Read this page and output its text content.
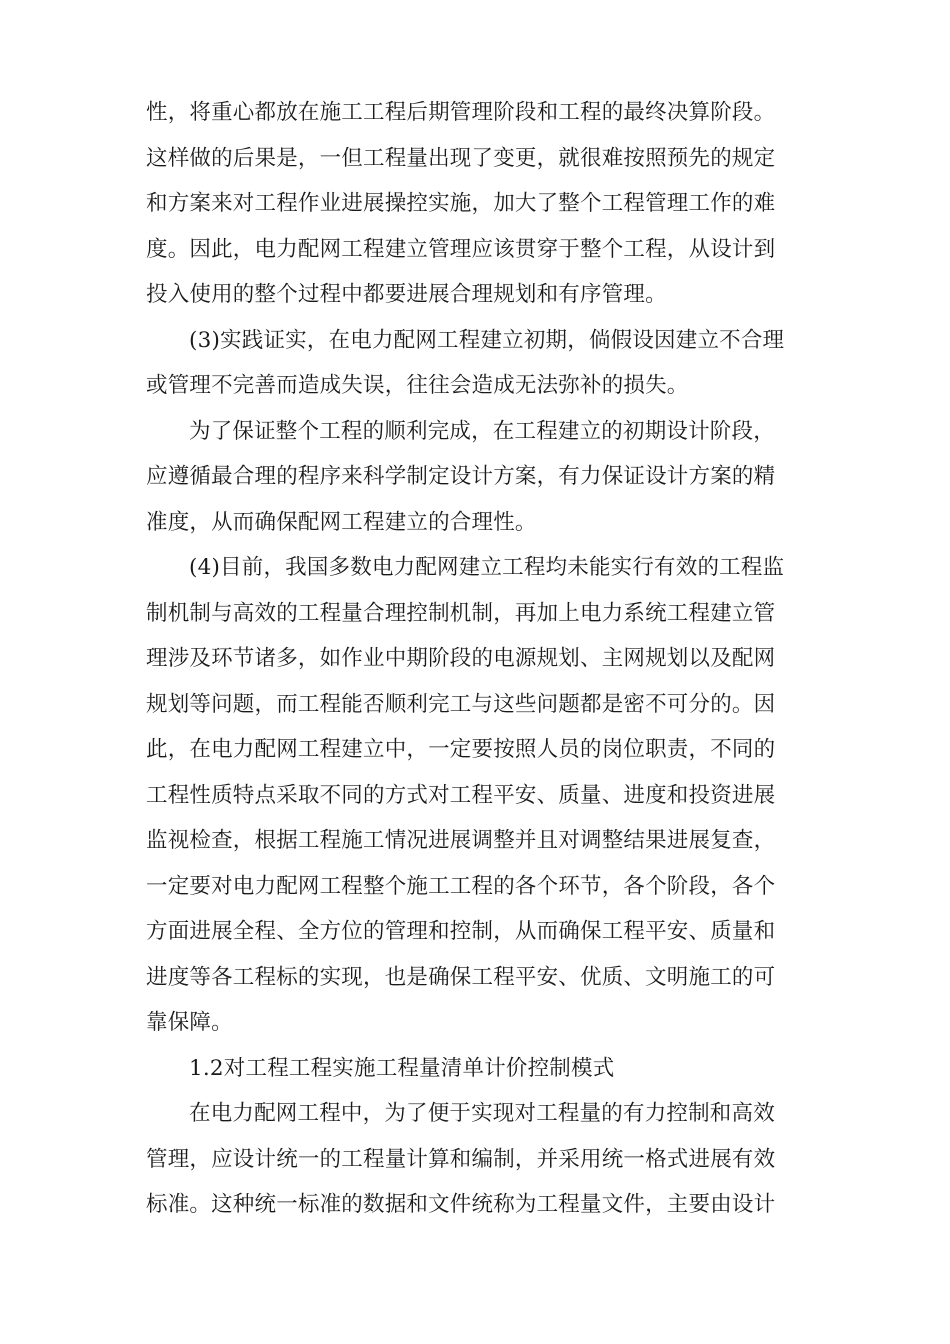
性，将重心都放在施工工程后期管理阶段和工程的最终决算阶段。
这样做的后果是，一但工程量出现了变更，就很难按照预先的规定
和方案来对工程作业进展操控实施，加大了整个工程管理工作的难
度。因此，电力配网工程建立管理应该贯穿于整个工程，从设计到
投入使用的整个过程中都要进展合理规划和有序管理。
(3)实践证实，在电力配网工程建立初期，倘假设因建立不合理
或管理不完善而造成失误，往往会造成无法弥补的损失。
为了保证整个工程的顺利完成，在工程建立的初期设计阶段，
应遵循最合理的程序来科学制定设计方案，有力保证设计方案的精
准度，从而确保配网工程建立的合理性。
(4)目前，我国多数电力配网建立工程均未能实行有效的工程监
制机制与高效的工程量合理控制机制，再加上电力系统工程建立管
理涉及环节诸多，如作业中期阶段的电源规划、主网规划以及配网
规划等问题，而工程能否顺利完工与这些问题都是密不可分的。因
此，在电力配网工程建立中，一定要按照人员的岗位职责，不同的
工程性质特点采取不同的方式对工程平安、质量、进度和投资进展
监视检查，根据工程施工情况进展调整并且对调整结果进展复查，
一定要对电力配网工程整个施工工程的各个环节，各个阶段，各个
方面进展全程、全方位的管理和控制，从而确保工程平安、质量和
进度等各工程标的实现，也是确保工程平安、优质、文明施工的可
靠保障。
1.2对工程工程实施工程量清单计价控制模式
在电力配网工程中，为了便于实现对工程量的有力控制和高效
管理，应设计统一的工程量计算和编制，并采用统一格式进展有效
标准。这种统一标准的数据和文件统称为工程量文件，主要由设计
